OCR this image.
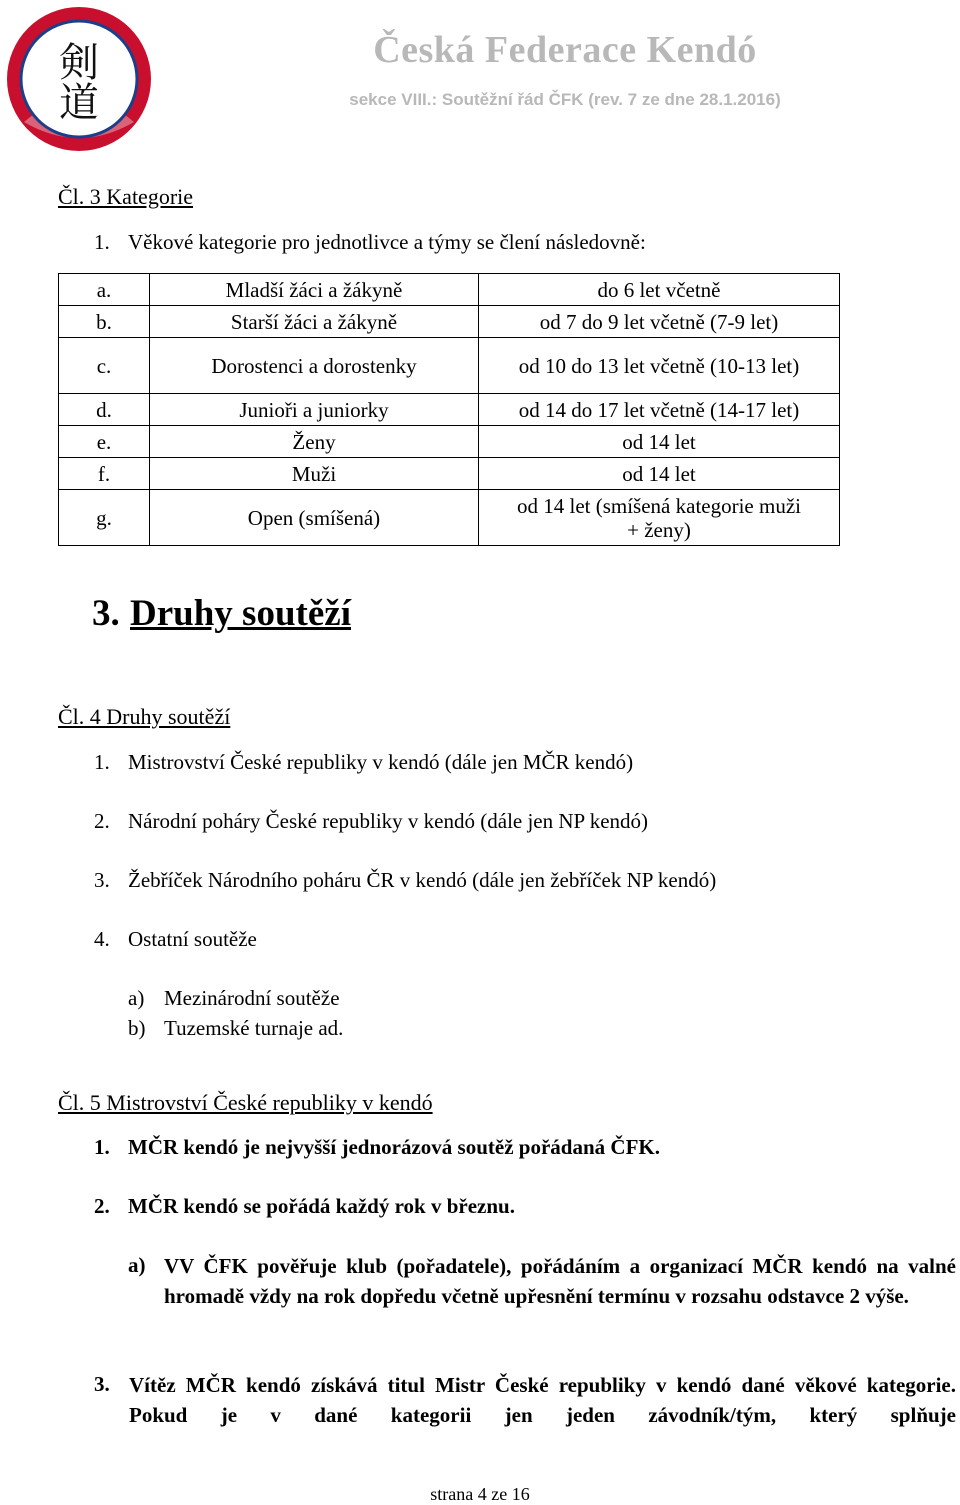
剣
道
Česká Federace Kendó
sekce VIII.: Soutěžní řád ČFK (rev. 7 ze dne 28.1.2016)
Čl. 3 Kategorie
1. Věkové kategorie pro jednotlivce a týmy se člení následovně:
a.	Mladší žáci a žákyně	do 6 let včetně
b.	Starší žáci a žákyně	od 7 do 9 let včetně (7-9 let)
c.	Dorostenci a dorostenky	od 10 do 13 let včetně (10-13 let)
d.	Junioři a juniorky	od 14 do 17 let včetně (14-17 let)
e.	Ženy	od 14 let
f.	Muži	od 14 let
g.	Open (smíšená)	od 14 let (smíšená kategorie muži + ženy)
3. Druhy soutěží
Čl. 4 Druhy soutěží
1. Mistrovství České republiky v kendó (dále jen MČR kendó)
2. Národní poháry České republiky v kendó (dále jen NP kendó)
3. Žebříček Národního poháru ČR v kendó (dále jen žebříček NP kendó)
4. Ostatní soutěže
a) Mezinárodní soutěže
b) Tuzemské turnaje ad.
Čl. 5 Mistrovství České republiky v kendó
1. MČR kendó je nejvyšší jednorázová soutěž pořádaná ČFK.
2. MČR kendó se pořádá každý rok v březnu.
a) VV ČFK pověřuje klub (pořadatele), pořádáním a organizací MČR kendó na valné hromadě vždy na rok dopředu včetně upřesnění termínu v rozsahu odstavce 2 výše.
3. Vítěz MČR kendó získává titul Mistr České republiky v kendó dané věkové kategorie. Pokud je v dané kategorii jen jeden závodník/tým, který splňuje
strana 4 ze 16
